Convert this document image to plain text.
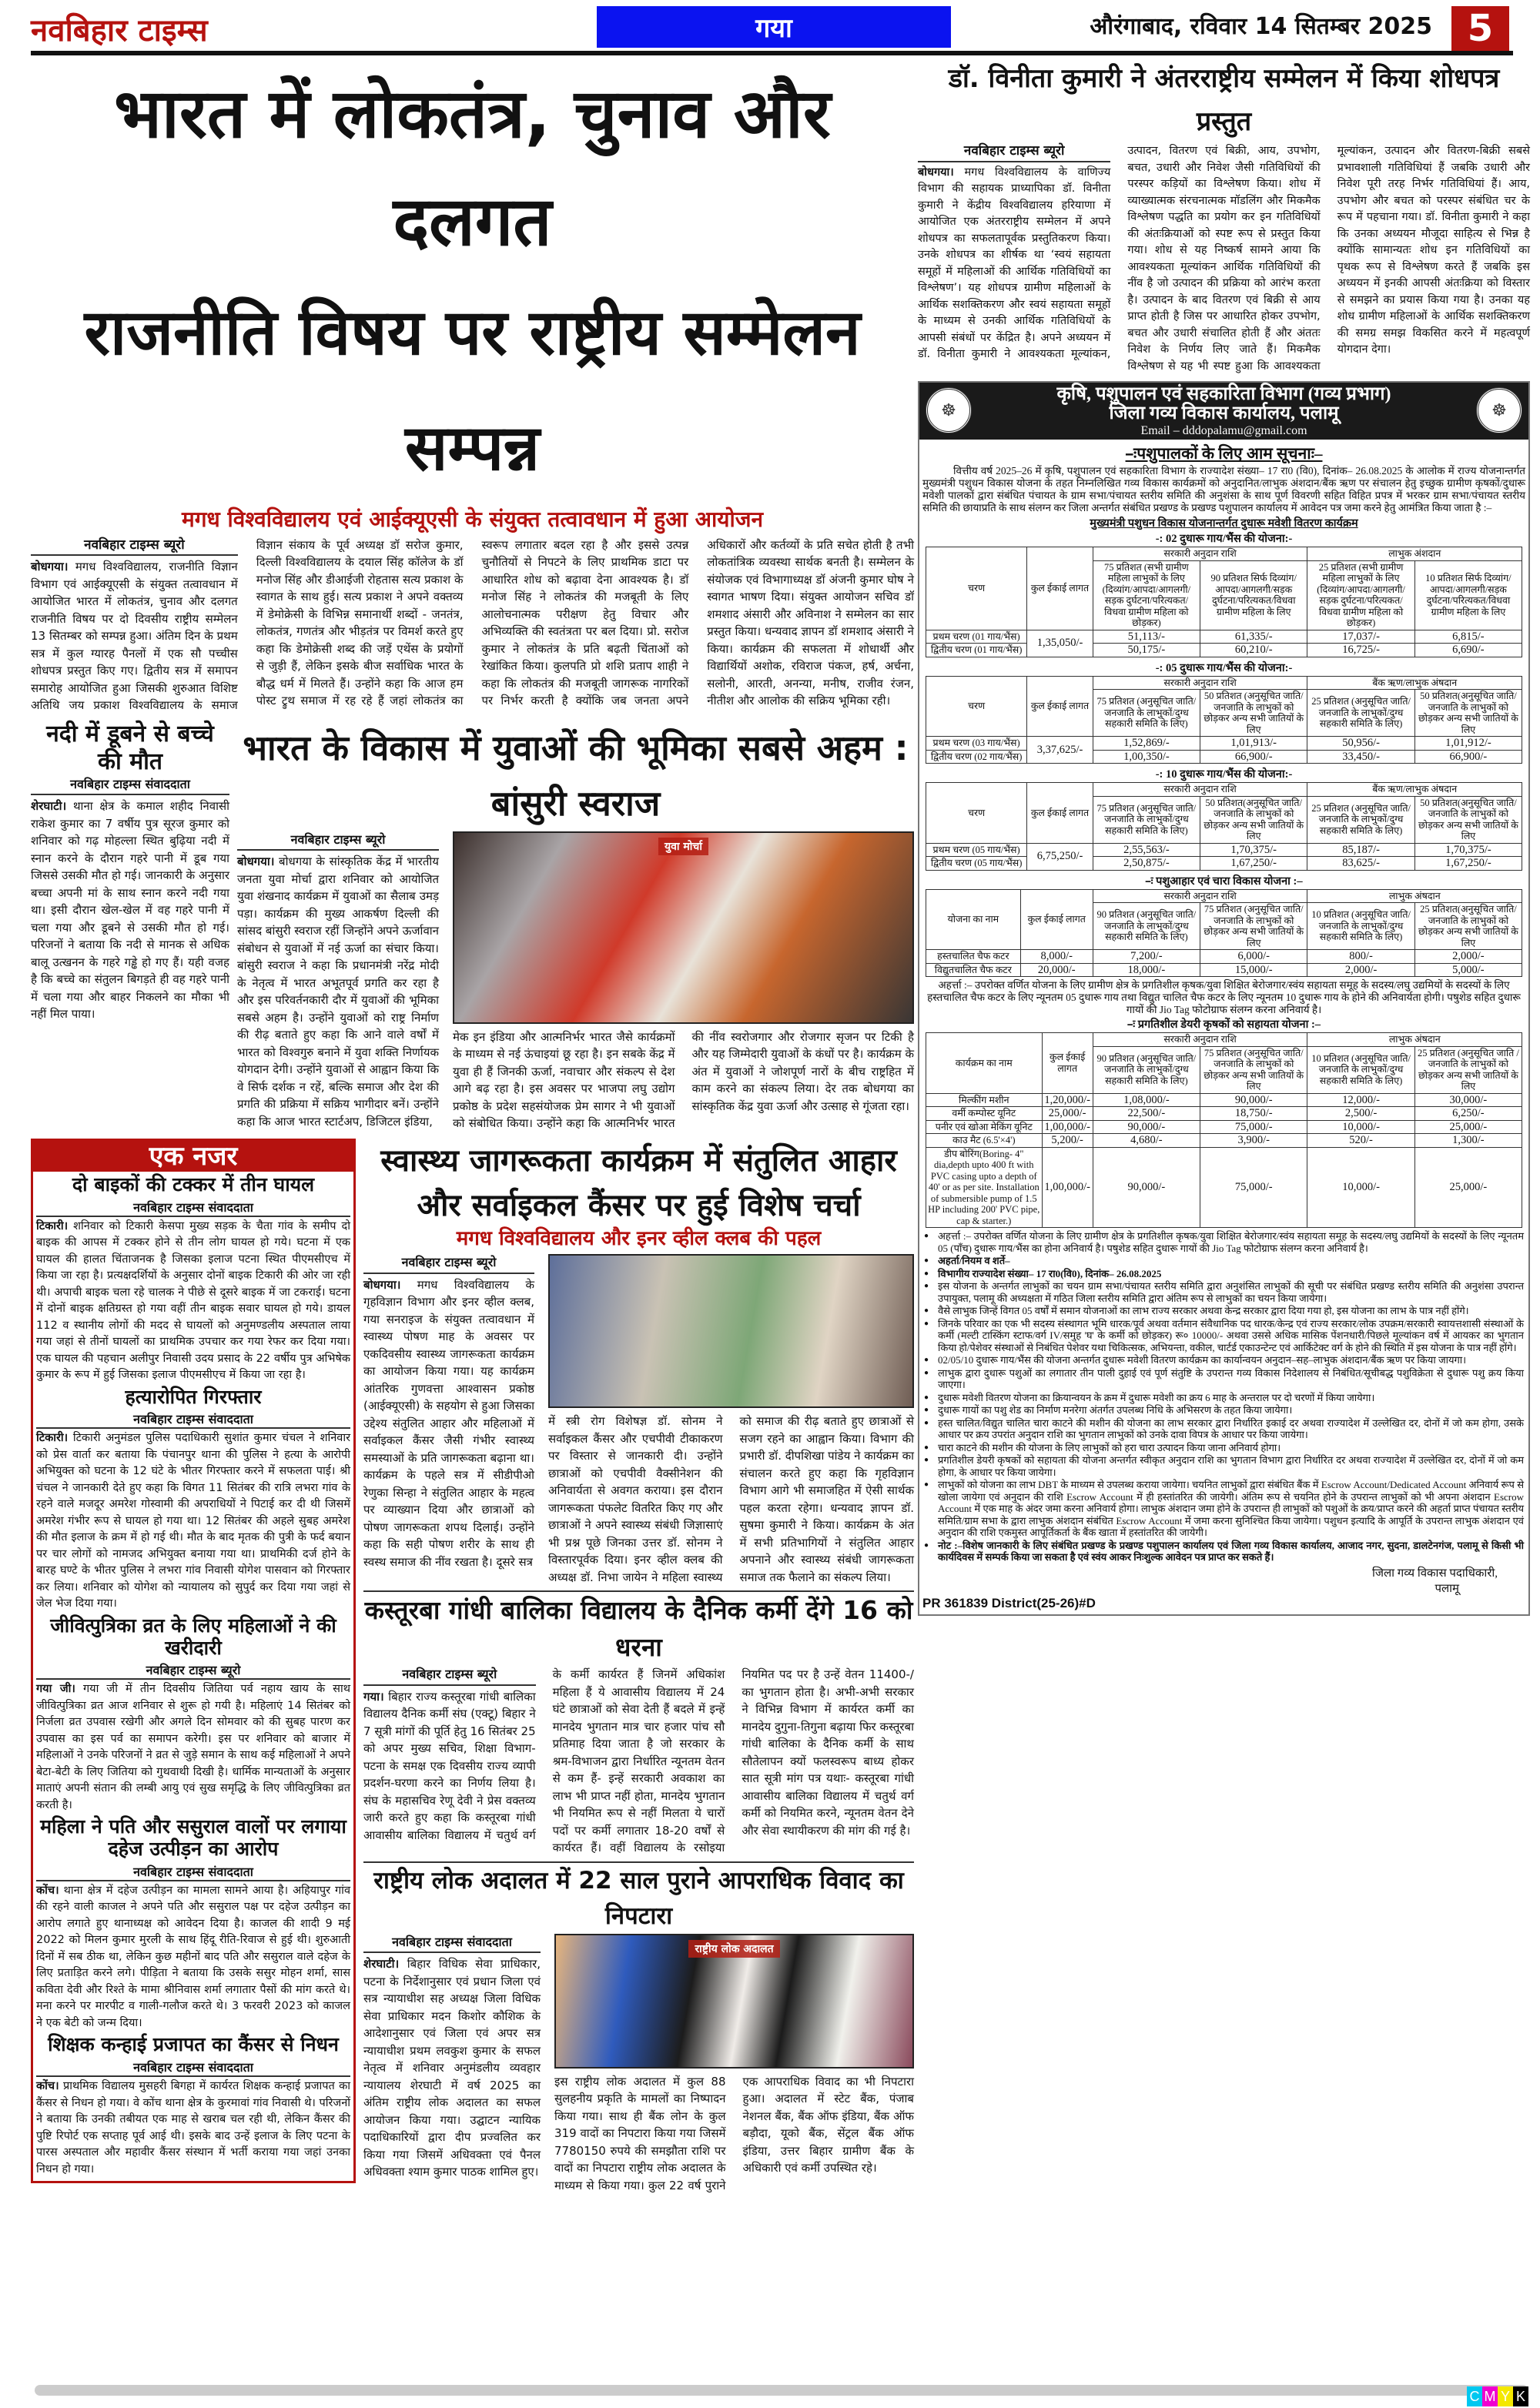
नवबिहार टाइम्स	गया	औरंगाबाद, रविवार 14 सितम्बर 2025 5
भारत में लोकतंत्र, चुनाव और दलगत
राजनीति विषय पर राष्ट्रीय सम्मेलन सम्पन्न
मगध विश्वविद्यालय एवं आईक्यूएसी के संयुक्त तत्वावधान में हुआ आयोजन
नवबिहार टाइम्स ब्यूरो
बोधगया। मगध विश्वविद्यालय, राजनीति विज्ञान विभाग एवं आईक्यूएसी के संयुक्त तत्वावधान में आयोजित भारत में लोकतंत्र, चुनाव और दलगत राजनीति विषय पर दो दिवसीय राष्ट्रीय सम्मेलन 13 सितम्बर को सम्पन्न हुआ। अंतिम दिन के प्रथम सत्र में कुल ग्यारह पैनलों में एक सौ पच्चीस शोधपत्र प्रस्तुत किए गए। द्वितीय सत्र में समापन समारोह आयोजित हुआ जिसकी शुरुआत विशिष्ट अतिथि जय प्रकाश विश्वविद्यालय के समाज विज्ञान संकाय के पूर्व अध्यक्ष डॉ सरोज कुमार, दिल्ली विश्वविद्यालय के दयाल सिंह कॉलेज के डॉ मनोज सिंह और डीआईजी रोहतास सत्य प्रकाश के स्वागत के साथ हुई। सत्य प्रकाश ने अपने वक्तव्य में डेमोक्रेसी के विभिन्न समानार्थी शब्दों - जनतंत्र, लोकतंत्र, गणतंत्र और भीड़तंत्र पर विमर्श करते हुए कहा कि डेमोक्रेसी शब्द की जड़ें एथेंस के प्रयोगों से जुड़ी हैं, लेकिन इसके बीज सर्वाधिक भारत के बौद्ध धर्म में मिलते हैं। उन्होंने कहा कि आज हम पोस्ट ट्रुथ समाज में रह रहे हैं जहां लोकतंत्र का स्वरूप लगातार बदल रहा है और इससे उत्पन्न चुनौतियों से निपटने के लिए प्राथमिक डाटा पर आधारित शोध को बढ़ावा देना आवश्यक है। डॉ मनोज सिंह ने लोकतंत्र की मजबूती के लिए आलोचनात्मक परीक्षण हेतु विचार और अभिव्यक्ति की स्वतंत्रता पर बल दिया। प्रो. सरोज कुमार ने लोकतंत्र के प्रति बढ़ती चिंताओं को रेखांकित किया। कुलपति प्रो शशि प्रताप शाही ने कहा कि लोकतंत्र की मजबूती जागरूक नागरिकों पर निर्भर करती है क्योंकि जब जनता अपने अधिकारों और कर्तव्यों के प्रति सचेत होती है तभी लोकतांत्रिक व्यवस्था सार्थक बनती है। सम्मेलन के संयोजक एवं विभागाध्यक्ष डॉ अंजनी कुमार घोष ने स्वागत भाषण दिया। संयुक्त आयोजन सचिव डॉ शमशाद अंसारी और अविनाश ने सम्मेलन का सार प्रस्तुत किया। धन्यवाद ज्ञापन डॉ शमशाद अंसारी ने किया। कार्यक्रम की सफलता में शोधार्थी और विद्यार्थियों अशोक, रविराज पंकज, हर्ष, अर्चना, सलोनी, आरती, अनन्या, मनीष, राजीव रंजन, नीतीश और आलोक की सक्रिय भूमिका रही।
नदी में डूबने से बच्चे की मौत
नवबिहार टाइम्स संवाददाता
शेरघाटी। थाना क्षेत्र के कमाल शहीद निवासी राकेश कुमार का 7 वर्षीय पुत्र सूरज कुमार को शनिवार को गढ़ मोहल्ला स्थित बुढ़िया नदी में स्नान करने के दौरान गहरे पानी में डूब गया जिससे उसकी मौत हो गई। जानकारी के अनुसार बच्चा अपनी मां के साथ स्नान करने नदी गया था। इसी दौरान खेल-खेल में वह गहरे पानी में चला गया और डूबने से उसकी मौत हो गई। परिजनों ने बताया कि नदी से मानक से अधिक बालू उत्खनन के गहरे गड्ढे हो गए हैं। यही वजह है कि बच्चे का संतुलन बिगड़ते ही वह गहरे पानी में चला गया और बाहर निकलने का मौका भी नहीं मिल पाया।
भारत के विकास में युवाओं की भूमिका सबसे अहम : बांसुरी स्वराज
नवबिहार टाइम्स ब्यूरो
बोधगया। बोधगया के सांस्कृतिक केंद्र में भारतीय जनता युवा मोर्चा द्वारा शनिवार को आयोजित युवा शंखनाद कार्यक्रम में युवाओं का सैलाब उमड़ पड़ा। कार्यक्रम की मुख्य आकर्षण दिल्ली की सांसद बांसुरी स्वराज रहीं जिन्होंने अपने ऊर्जावान संबोधन से युवाओं में नई ऊर्जा का संचार किया। बांसुरी स्वराज ने कहा कि प्रधानमंत्री नरेंद्र मोदी के नेतृत्व में भारत अभूतपूर्व प्रगति कर रहा है और इस परिवर्तनकारी दौर में युवाओं की भूमिका सबसे अहम है। उन्होंने युवाओं को राष्ट्र निर्माण की रीढ़ बताते हुए कहा कि आने वाले वर्षों में भारत को विश्वगुरु बनाने में युवा शक्ति निर्णायक योगदान देगी। उन्होंने युवाओं से आह्वान किया कि वे सिर्फ दर्शक न रहें, बल्कि समाज और देश की प्रगति की प्रक्रिया में सक्रिय भागीदार बनें। उन्होंने कहा कि आज भारत स्टार्टअप, डिजिटल इंडिया,
युवा मोर्चा
मेक इन इंडिया और आत्मनिर्भर भारत जैसे कार्यक्रमों के माध्यम से नई ऊंचाइयां छू रहा है। इन सबके केंद्र में युवा ही हैं जिनकी ऊर्जा, नवाचार और संकल्प से देश आगे बढ़ रहा है। इस अवसर पर भाजपा लघु उद्योग प्रकोष्ठ के प्रदेश सहसंयोजक प्रेम सागर ने भी युवाओं को संबोधित किया। उन्होंने कहा कि आत्मनिर्भर भारत की नींव स्वरोजगार और रोजगार सृजन पर टिकी है और यह जिम्मेदारी युवाओं के कंधों पर है। कार्यक्रम के अंत में युवाओं ने जोशपूर्ण नारों के बीच राष्ट्रहित में काम करने का संकल्प लिया। देर तक बोधगया का सांस्कृतिक केंद्र युवा ऊर्जा और उत्साह से गूंजता रहा।
एक नजर
दो बाइकों की टक्कर में तीन घायल
नवबिहार टाइम्स संवाददाता
टिकारी। शनिवार को टिकारी केसपा मुख्य सड़क के चैता गांव के समीप दो बाइक की आपस में टक्कर होने से तीन लोग घायल हो गये। घटना में एक घायल की हालत चिंताजनक है जिसका इलाज पटना स्थित पीएमसीएच में किया जा रहा है। प्रत्यक्षदर्शियों के अनुसार दोनों बाइक टिकारी की ओर जा रही थी। अपाची बाइक चला रहे चालक ने पीछे से दूसरे बाइक में जा टकराई। घटना में दोनों बाइक क्षतिग्रस्त हो गया वहीं तीन बाइक सवार घायल हो गये। डायल 112 व स्थानीय लोगों की मदद से घायलों को अनुमण्डलीय अस्पताल लाया गया जहां से तीनों घायलों का प्राथमिक उपचार कर गया रेफर कर दिया गया। एक घायल की पहचान अलीपुर निवासी उदय प्रसाद के 22 वर्षीय पुत्र अभिषेक कुमार के रूप में हुई जिसका इलाज पीएमसीएच में किया जा रहा है।
हत्यारोपित गिरफ्तार
नवबिहार टाइम्स संवाददाता
टिकारी। टिकारी अनुमंडल पुलिस पदाधिकारी सुशांत कुमार चंचल ने शनिवार को प्रेस वार्ता कर बताया कि पंचानपुर थाना की पुलिस ने हत्या के आरोपी अभियुक्त को घटना के 12 घंटे के भीतर गिरफ्तार करने में सफलता पाई। श्री चंचल ने जानकारी देते हुए कहा कि विगत 11 सितंबर की रात्रि लभरा गांव के रहने वाले मजदूर अमरेश गोस्वामी की अपराधियों ने पिटाई कर दी थी जिसमें अमरेश गंभीर रूप से घायल हो गया था। 12 सितंबर की अहले सुबह अमरेश की मौत इलाज के क्रम में हो गई थी। मौत के बाद मृतक की पुत्री के फर्द बयान पर चार लोगों को नामजद अभियुक्त बनाया गया था। प्राथमिकी दर्ज होने के बारह घण्टे के भीतर पुलिस ने लभरा गांव निवासी योगेश पासवान को गिरफ्तार कर लिया। शनिवार को योगेश को न्यायालय को सुपुर्द कर दिया गया जहां से जेल भेज दिया गया।
जीवित्पुत्रिका व्रत के लिए महिलाओं ने की खरीदारी
नवबिहार टाइम्स ब्यूरो
गया जी। गया जी में तीन दिवसीय जितिया पर्व नहाय खाय के साथ जीवित्पुत्रिका व्रत आज शनिवार से शुरू हो गयी है। महिलाएं 14 सितंबर को निर्जला व्रत उपवास रखेगी और अगले दिन सोमवार को की सुबह पारण कर उपवास का इस पर्व का समापन करेगी। इस पर शनिवार को बाजार में महिलाओं ने उनके परिजनों ने व्रत से जुड़े समान के साथ कई महिलाओं ने अपने बेटा-बेटी के लिए जितिया को गुथवाथी दिखी है। धार्मिक मान्यताओं के अनुसार माताएं अपनी संतान की लम्बी आयु एवं सुख समृद्धि के लिए जीवित्पुत्रिका व्रत करती है।
महिला ने पति और ससुराल वालों पर लगाया दहेज उत्पीड़न का आरोप
नवबिहार टाइम्स संवाददाता
कोंच। थाना क्षेत्र में दहेज उत्पीड़न का मामला सामने आया है। अहियापुर गांव की रहने वाली काजल ने अपने पति और ससुराल पक्ष पर दहेज उत्पीड़न का आरोप लगाते हुए थानाध्यक्ष को आवेदन दिया है। काजल की शादी 9 मई 2022 को मिलन कुमार मुरली के साथ हिंदू रीति-रिवाज से हुई थी। शुरुआती दिनों में सब ठीक था, लेकिन कुछ महीनों बाद पति और ससुराल वाले दहेज के लिए प्रताड़ित करने लगे। पीड़िता ने बताया कि उसके ससुर मोहन शर्मा, सास कविता देवी और रिश्ते के मामा श्रीनिवास शर्मा लगातार पैसों की मांग करते थे। मना करने पर मारपीट व गाली-गलौज करते थे। 3 फरवरी 2023 को काजल ने एक बेटी को जन्म दिया।
शिक्षक कन्हाई प्रजापत का कैंसर से निधन
नवबिहार टाइम्स संवाददाता
कोंच। प्राथमिक विद्यालय मुसहरी बिगहा में कार्यरत शिक्षक कन्हाई प्रजापत का कैंसर से निधन हो गया। वे कोंच थाना क्षेत्र के कुरमावां गांव निवासी थे। परिजनों ने बताया कि उनकी तबीयत एक माह से खराब चल रही थी, लेकिन कैंसर की पुष्टि रिपोर्ट एक सप्ताह पूर्व आई थी। इसके बाद उन्हें इलाज के लिए पटना के पारस अस्पताल और महावीर कैंसर संस्थान में भर्ती कराया गया जहां उनका निधन हो गया।
स्वास्थ्य जागरूकता कार्यक्रम में संतुलित आहार
और सर्वाइकल कैंसर पर हुई विशेष चर्चा
मगध विश्वविद्यालय और इनर व्हील क्लब की पहल
नवबिहार टाइम्स ब्यूरो
बोधगया। मगध विश्वविद्यालय के गृहविज्ञान विभाग और इनर व्हील क्लब, गया सनराइज के संयुक्त तत्वावधान में स्वास्थ्य पोषण माह के अवसर पर एकदिवसीय स्वास्थ्य जागरूकता कार्यक्रम का आयोजन किया गया। यह कार्यक्रम आंतरिक गुणवत्ता आश्वासन प्रकोष्ठ (आईक्यूएसी) के सहयोग से हुआ जिसका उद्देश्य संतुलित आहार और महिलाओं में सर्वाइकल कैंसर जैसी गंभीर स्वास्थ्य समस्याओं के प्रति जागरूकता बढ़ाना था। कार्यक्रम के पहले सत्र में सीडीपीओ रेणुका सिन्हा ने संतुलित आहार के महत्व पर व्याख्यान दिया और छात्राओं को पोषण जागरूकता शपथ दिलाई। उन्होंने कहा कि सही पोषण शरीर के साथ ही स्वस्थ समाज की नींव रखता है। दूसरे सत्र
में स्त्री रोग विशेषज्ञ डॉ. सोनम ने सर्वाइकल कैंसर और एचपीवी टीकाकरण पर विस्तार से जानकारी दी। उन्होंने छात्राओं को एचपीवी वैक्सीनेशन की अनिवार्यता से अवगत कराया। इस दौरान जागरूकता पंफलेट वितरित किए गए और छात्राओं ने अपने स्वास्थ्य संबंधी जिज्ञासाएं भी प्रश्न पूछे जिनका उत्तर डॉ. सोनम ने विस्तारपूर्वक दिया। इनर व्हील क्लब की अध्यक्ष डॉ. निभा जायेन ने महिला स्वास्थ्य को समाज की रीढ़ बताते हुए छात्राओं से सजग रहने का आह्वान किया। विभाग की प्रभारी डॉ. दीपशिखा पांडेय ने कार्यक्रम का संचालन करते हुए कहा कि गृहविज्ञान विभाग आगे भी समाजहित में ऐसी सार्थक पहल करता रहेगा। धन्यवाद ज्ञापन डॉ. सुषमा कुमारी ने किया। कार्यक्रम के अंत में सभी प्रतिभागियों ने संतुलित आहार अपनाने और स्वास्थ्य संबंधी जागरूकता समाज तक फैलाने का संकल्प लिया।
कस्तूरबा गांधी बालिका विद्यालय के दैनिक कर्मी देंगे 16 को धरना
नवबिहार टाइम्स ब्यूरो
गया। बिहार राज्य कस्तूरबा गांधी बालिका विद्यालय दैनिक कर्मी संघ (एक्टू) बिहार ने 7 सूत्री मांगों की पूर्ति हेतु 16 सितंबर 25 को अपर मुख्य सचिव, शिक्षा विभाग-पटना के समक्ष एक दिवसीय राज्य व्यापी प्रदर्शन-घरणा करने का निर्णय लिया है। संघ के महासचिव रेणू देवी ने प्रेस वक्तव्य जारी करते हुए कहा कि कस्तूरबा गांधी आवासीय बालिका विद्यालय में चतुर्थ वर्ग के कर्मी कार्यरत हैं जिनमें अधिकांश महिला हैं ये आवासीय विद्यालय में 24 घंटे छात्राओं को सेवा देती हैं बदले में इन्हें मानदेय भुगतान मात्र चार हजार पांच सौ प्रतिमाह दिया जाता है जो सरकार के श्रम-विभाजन द्वारा निर्धारित न्यूनतम वेतन से कम हैं- इन्हें सरकारी अवकाश का लाभ भी प्राप्त नहीं होता, मानदेय भुगतान भी नियमित रूप से नहीं मिलता ये चारों पदों पर कर्मी लगातार 18-20 वर्षों से कार्यरत हैं। वहीं विद्यालय के रसोइया नियमित पद पर है उन्हें वेतन 11400-/का भुगतान होता है। अभी-अभी सरकार ने विभिन्न विभाग में कार्यरत कर्मी का मानदेय दुगुना-तिगुना बढ़ाया फिर कस्तूरबा गांधी बालिका के दैनिक कर्मी के साथ सौतेलापन क्यों फलस्वरूप बाध्य होकर सात सूत्री मांग पत्र यथाः- कस्तूरबा गांधी आवासीय बालिका विद्यालय में चतुर्थ वर्ग कर्मी को नियमित करने, न्यूनतम वेतन देने और सेवा स्थायीकरण की मांग की गई है।
राष्ट्रीय लोक अदालत में 22 साल पुराने आपराधिक विवाद का निपटारा
नवबिहार टाइम्स संवाददाता
शेरघाटी। बिहार विधिक सेवा प्राधिकार, पटना के निर्देशानुसार एवं प्रधान जिला एवं सत्र न्यायाधीश सह अध्यक्ष जिला विधिक सेवा प्राधिकार मदन किशोर कौशिक के आदेशानुसार एवं जिला एवं अपर सत्र न्यायाधीश प्रथम लवकुश कुमार के सफल नेतृत्व में शनिवार अनुमंडलीय व्यवहार न्यायालय शेरघाटी में वर्ष 2025 का अंतिम राष्ट्रीय लोक अदालत का सफल आयोजन किया गया। उद्घाटन न्यायिक पदाधिकारियों द्वारा दीप प्रज्वलित कर किया गया जिसमें अधिवक्ता एवं पैनल अधिवक्ता श्याम कुमार पाठक शामिल हुए।
राष्ट्रीय लोक अदालत
इस राष्ट्रीय लोक अदालत में कुल 88 सुलहनीय प्रकृति के मामलों का निष्पादन किया गया। साथ ही बैंक लोन के कुल 319 वादों का निपटारा किया गया जिसमें 7780150 रुपये की समझौता राशि पर वादों का निपटारा राष्ट्रीय लोक अदालत के माध्यम से किया गया। कुल 22 वर्ष पुराने एक आपराधिक विवाद का भी निपटारा हुआ। अदालत में स्टेट बैंक, पंजाब नेशनल बैंक, बैंक ऑफ इंडिया, बैंक ऑफ बड़ौदा, यूको बैंक, सेंट्रल बैंक ऑफ इंडिया, उत्तर बिहार ग्रामीण बैंक के अधिकारी एवं कर्मी उपस्थित रहे।
डॉ. विनीता कुमारी ने अंतरराष्ट्रीय सम्मेलन में किया शोधपत्र प्रस्तुत
नवबिहार टाइम्स ब्यूरो
बोधगया। मगध विश्वविद्यालय के वाणिज्य विभाग की सहायक प्राध्यापिका डॉ. विनीता कुमारी ने केंद्रीय विश्वविद्यालय हरियाणा में आयोजित एक अंतरराष्ट्रीय सम्मेलन में अपने शोधपत्र का सफलतापूर्वक प्रस्तुतिकरण किया। उनके शोधपत्र का शीर्षक था ‘स्वयं सहायता समूहों में महिलाओं की आर्थिक गतिविधियों का विश्लेषण’। यह शोधपत्र ग्रामीण महिलाओं के आर्थिक सशक्तिकरण और स्वयं सहायता समूहों के माध्यम से उनकी आर्थिक गतिविधियों के आपसी संबंधों पर केंद्रित है। अपने अध्ययन में डॉ. विनीता कुमारी ने आवश्यकता मूल्यांकन, उत्पादन, वितरण एवं बिक्री, आय, उपभोग, बचत, उधारी और निवेश जैसी गतिविधियों की परस्पर कड़ियों का विश्लेषण किया। शोध में व्याख्यात्मक संरचनात्मक मॉडलिंग और मिकमैक विश्लेषण पद्धति का प्रयोग कर इन गतिविधियों की अंतःक्रियाओं को स्पष्ट रूप से प्रस्तुत किया गया। शोध से यह निष्कर्ष सामने आया कि आवश्यकता मूल्यांकन आर्थिक गतिविधियों की नींव है जो उत्पादन की प्रक्रिया को आरंभ करता है। उत्पादन के बाद वितरण एवं बिक्री से आय प्राप्त होती है जिस पर आधारित होकर उपभोग, बचत और उधारी संचालित होती हैं और अंततः निवेश के निर्णय लिए जाते हैं। मिकमैक विश्लेषण से यह भी स्पष्ट हुआ कि आवश्यकता मूल्यांकन, उत्पादन और वितरण-बिक्री सबसे प्रभावशाली गतिविधियां हैं जबकि उधारी और निवेश पूरी तरह निर्भर गतिविधियां हैं। आय, उपभोग और बचत को परस्पर संबंधित चर के रूप में पहचाना गया। डॉ. विनीता कुमारी ने कहा कि उनका अध्ययन मौजूदा साहित्य से भिन्न है क्योंकि सामान्यतः शोध इन गतिविधियों का पृथक रूप से विश्लेषण करते हैं जबकि इस अध्ययन में इनकी आपसी अंतःक्रिया को विस्तार से समझने का प्रयास किया गया है। उनका यह शोध ग्रामीण महिलाओं के आर्थिक सशक्तिकरण की समग्र समझ विकसित करने में महत्वपूर्ण योगदान देगा।
☸	☸
कृषि, पशुपालन एवं सहकारिता विभाग (गव्य प्रभाग)
जिला गव्य विकास कार्यालय, पलामू
Email – dddopalamu@gmail.com
–ःपशुपालकों के लिए आम सूचनाः–

वित्तीय वर्ष 2025–26 में कृषि, पशुपालन एवं सहकारिता विभाग के राज्यादेश संख्या– 17 रा0 (वि0), दिनांक– 26.08.2025 के आलोक में राज्य योजनान्तर्गत मुख्यमंत्री पशुधन विकास योजना के तहत निम्नलिखित गव्य विकास कार्यक्रमों को अनुदानित/लाभुक अंशदान/बैंक ऋण पर संचालन हेतु इच्छुक ग्रामीण कृषकों/दुधारू मवेशी पालकों द्वारा संबंधित पंचायत के ग्राम सभा/पंचायत स्तरीय समिति की अनुशंसा के साथ पूर्ण विवरणी सहित विहित प्रपत्र में भरकर ग्राम सभा/पंचायत स्तरीय समिति की छायाप्रति के साथ संलग्न कर जिला अन्तर्गत संबंधित प्रखण्ड के प्रखण्ड पशुपालन कार्यालय में आवेदन पत्र जमा करने हेतु आमंत्रित किया जाता है :–

मुख्यमंत्री पशुधन विकास योजनान्तर्गत दुधारू मवेशी वितरण कार्यक्रम
-: 02 दुधारू गाय/भैंस की योजना:-
चरण	कुल ईकाई लागत	सरकारी अनुदान राशि		लाभुक अंशदान	
		75 प्रतिशत (सभी ग्रामीण महिला लाभुकों के लिए (दिव्यांग/आपदा/आगलगी/सड़क दुर्घटना/परित्यकत/विधवा ग्रामीण महिला को छोड़कर)	90 प्रतिशत सिर्फ दिव्यांग/आपदा/आगलगी/सड़क दुर्घटना/परित्यकत/विधवा ग्रामीण महिला के लिए	25 प्रतिशत (सभी ग्रामीण महिला लाभुकों के लिए (दिव्यांग/आपदा/आगलगी/सड़क दुर्घटना/परित्यकत/विधवा ग्रामीण महिला को छोड़कर)	10 प्रतिशत सिर्फ दिव्यांग/आपदा/आगलगी/सड़क दुर्घटना/परित्यकत/विधवा ग्रामीण महिला के लिए
प्रथम चरण (01 गाय/भैंस)	1,35,050/-	51,113/-	61,335/-	17,037/-	6,815/-
द्वितीय चरण (01 गाय/भैंस)		50,175/-	60,210/-	16,725/-	6,690/-
-: 05 दुधारू गाय/भैंस की योजना:-
चरण	कुल ईकाई लागत	सरकारी अनुदान राशि		बैंक ऋण/लाभुक अंषदान	
		75 प्रतिशत (अनुसूचित जाति/जनजाति के लाभुकों/दुग्ध सहकारी समिति के लिए)	50 प्रतिशत (अनुसूचित जाति/जनजाति के लाभुकों को छोड़कर अन्य सभी जातियों के लिए	25 प्रतिशत (अनुसूचित जाति/जनजाति के लाभुकों/दुग्ध सहकारी समिति के लिए)	50 प्रतिशत(अनुसूचित जाति/जनजाति के लाभुकों को छोड़कर अन्य सभी जातियों के लिए
प्रथम चरण (03 गाय/भैंस)	3,37,625/-	1,52,869/-	1,01,913/-	50,956/-	1,01,912/-
द्वितीय चरण (02 गाय/भैंस)		1,00,350/-	66,900/-	33,450/-	66,900/-
-: 10 दुधारू गाय/भैंस की योजना:-
चरण	कुल ईकाई लागत	सरकारी अनुदान राशि		बैंक ऋण/लाभुक अंषदान	
		75 प्रतिशत (अनुसूचित जाति/जनजाति के लाभुकों/दुग्ध सहकारी समिति के लिए)	50 प्रतिशत(अनुसूचित जाति/जनजाति के लाभुकों को छोड़कर अन्य सभी जातियों के लिए	25 प्रतिशत (अनुसूचित जाति/जनजाति के लाभुकों/दुग्ध सहकारी समिति के लिए)	50 प्रतिशत(अनुसूचित जाति/जनजाति के लाभुकों को छोड़कर अन्य सभी जातियों के लिए
प्रथम चरण (05 गाय/भैंस)	6,75,250/-	2,55,563/-	1,70,375/-	85,187/-	1,70,375/-
द्वितीय चरण (05 गाय/भैंस)		2,50,875/-	1,67,250/-	83,625/-	1,67,250/-
–ः पशुआहार एवं चारा विकास योजना :–
योजना का नाम	कुल ईकाई लागत	सरकारी अनुदान राशि		लाभुक अंषदान	
		90 प्रतिशत (अनुसूचित जाति/जनजाति के लाभुकों/दुग्ध सहकारी समिति के लिए)	75 प्रतिशत (अनुसूचित जाति/जनजाति के लाभुकों को छोड़कर अन्य सभी जातियों के लिए	10 प्रतिशत (अनुसूचित जाति/जनजाति के लाभुकों/दुग्ध सहकारी समिति के लिए)	25 प्रतिशत(अनुसूचित जाति/जनजाति के लाभुकों को छोड़कर अन्य सभी जातियों के लिए
हस्तचालित चैफ कटर	8,000/-	7,200/-	6,000/-	800/-	2,000/-
विद्युतचालित चैफ कटर	20,000/-	18,000/-	15,000/-	2,000/-	5,000/-

अहर्त्ता :– उपरोक्त वर्णित योजना के लिए ग्रामीण क्षेत्र के प्रगतिशील कृषक/युवा शिक्षित बेरोजगार/स्वंय सहायता समूह के सदस्य/लघु उद्यमियों के सदस्यों के लिए हस्तचालित चैफ कटर के लिए न्यूनतम 05 दुधारू गाय तथा विद्युत चालित चैफ कटर के लिए न्यूनतम 10 दुधारू गाय के होने की अनिवार्यता होगी। पषुशेड सहित दुधारू गायों की Jio Tag फोटोग्राफ संलग्न करना अनिवार्य है।

–ः प्रगतिशील डेयरी कृषकों को सहायता योजना :–
कार्यक्रम का नाम	कुल ईकाई लागत	सरकारी अनुदान राशि		लाभुक अंषदान	
		90 प्रतिशत (अनुसूचित जाति/ जनजाति के लाभुकों/दुग्ध सहकारी समिति के लिए)	75 प्रतिशत (अनुसूचित जाति/ जनजाति के लाभुकों को छोड़कर अन्य सभी जातियों के लिए	10 प्रतिशत (अनुसूचित जाति/ जनजाति के लाभुकों/दुग्ध सहकारी समिति के लिए)	25 प्रतिशत (अनुसूचित जाति / जनजाति के लाभुकों को छोड़कर अन्य सभी जातियों के लिए
मिल्कींग मशीन	1,20,000/-	1,08,000/-	90,000/-	12,000/-	30,000/-
वर्मी कम्पोस्ट यूनिट	25,000/-	22,500/-	18,750/-	2,500/-	6,250/-
पनीर एवं खोआ मेकिंग यूनिट	1,00,000/-	90,000/-	75,000/-	10,000/-	25,000/-
काउ मैट (6.5'×4')	5,200/-	4,680/-	3,900/-	520/-	1,300/-
डीप बोरिंग(Boring- 4" dia,depth upto 400 ft with PVC casing upto a depth of 40' or as per site. Installation of submersible pump of 1.5 HP including 200' PVC pipe, cap & starter.)	1,00,000/-	90,000/-	75,000/-	10,000/-	25,000/-
● अहर्त्ता :– उपरोक्त वर्णित योजना के लिए ग्रामीण क्षेत्र के प्रगतिशील कृषक/युवा शिक्षित बेरोजगार/स्वंय सहायता समूह के सदस्य/लघु उद्यमियों के सदस्यों के लिए न्यूनतम 05 (पाँच) दुधारू गाय/भैंस का होना अनिवार्य है। पषुशेड सहित दुधारू गायों की Jio Tag फोटोग्राफ संलग्न करना अनिवार्य है।
● अहर्ता/नियम व शर्ते–
● विभागीय राज्यादेश संख्या– 17 रा0(वि0), दिनांक– 26.08.2025
● इस योजना के अन्तर्गत लाभुकों का चयन ग्राम सभा/पंचायत स्तरीय समिति द्वारा अनुशंसित लाभुकों की सूची पर संबंधित प्रखण्ड स्तरीय समिति की अनुशंसा उपरान्त उपायुक्त, पलामू की अध्यक्षता में गठित जिला स्तरीय समिति द्वारा अंतिम रूप से लाभुकों का चयन किया जायेगा।
● वैसे लाभुक जिन्हें विगत 05 वर्षों में समान योजनाओं का लाभ राज्य सरकार अथवा केन्द्र सरकार द्वारा दिया गया हो, इस योजना का लाभ के पात्र नहीं होंगे।
● जिनके परिवार का एक भी सदस्य संस्थागत भूमि धारक/पूर्व अथवा वर्तमान संवैधानिक पद धारक/केन्द्र एवं राज्य सरकार/लोक उपक्रम/सरकारी स्वायत्तशासी संस्थाओं के कर्मी (मल्टी टास्किंग स्टाफ/वर्ग IV/समुह 'घ' के कर्मी को छोड़कर) रू० 10000/- अथवा उससे अधिक मासिक पेंशनधारी/पिछले मूल्यांकन वर्ष में आयकर का भुगतान किया हो/पेशेवर संस्थाओं से निबंधित पेशेवर यथा चिकित्सक, अभियन्ता, वकील, चार्टर्ड एकाउन्टेन्ट एवं आर्किटेक्ट वर्ग के होने की स्थिति में इस योजना के पात्र नहीं होंगे।
● 02/05/10 दुधारू गाय/भैंस की योजना अन्तर्गत दुधारू मवेशी वितरण कार्यक्रम का कार्यान्वयन अनुदान–सह–लाभुक अंशदान/बैंक ऋण पर किया जायगा।
● लाभुक द्वारा दुधारू पशुओं का लगातार तीन पाली दुहाई एवं पूर्ण संतुष्टि के उपरान्त गव्य विकास निदेशालय से निबंधित/सूचीबद्ध पशुविक्रेता से दुधारू पशु क्रय किया जाएगा।
● दुधारू मवेशी वितरण योजना का क्रियान्वयन के क्रम में दुधारू मवेशी का क्रय 6 माह के अन्तराल पर दो चरणों में किया जायेगा।
● दुधारू गायों का पशु शेड का निर्माण मनरेगा अंतर्गत उपलब्ध निधि के अभिसरण के तहत किया जायेगा।
● हस्त चालित/विद्युत चालित चारा काटने की मशीन की योजना का लाभ सरकार द्वारा निर्धारित इकाई दर अथवा राज्यादेश में उल्लेखित दर, दोनों में जो कम होगा, उसके आधार पर क्रय उपरांत अनुदान राशि का भुगतान लाभुकों को उनके दावा विपत्र के आधार पर किया जायेगा।
● चारा काटने की मशीन की योजना के लिए लाभुकों को हरा चारा उत्पादन किया जाना अनिवार्य होगा।
● प्रगतिशील डेयरी कृषकों को सहायता की योजना अन्तर्गत स्वीकृत अनुदान राशि का भुगतान विभाग द्वारा निर्धारित दर अथवा राज्यादेश में उल्लेखित दर, दोनों में जो कम होगा, के आधार पर किया जायेगा।
● लाभुकों को योजना का लाभ DBT के माध्यम से उपलब्ध कराया जायेगा। चयनित लाभुकों द्वारा संबंधित बैंक में Escrow Account/Dedicated Account अनिवार्य रूप से खोला जायेगा एवं अनुदान की राशि Escrow Account में ही हस्तांतरित की जायेगी। अंतिम रूप से चयनित होने के उपरान्त लाभुकों को भी अपना अंशदान Escrow Account में एक माह के अंदर जमा करना अनिवार्य होगा। लाभुक अंशदान जमा होने के उपरान्त ही लाभुकों को पशुओं के क्रय/प्राप्त करने की अहर्ता प्राप्त पंचायत स्तरीय समिति/ग्राम सभा के द्वारा लाभुक अंशदान संबंधित Escrow Account में जमा करना सुनिश्चित किया जायेगा। पशुधन इत्यादि के आपूर्ति के उपरान्त लाभुक अंशदान एवं अनुदान की राशि एकमुस्त आपूर्तिकर्ता के बैंक खाता में हस्तांतरित की जायेगी।
● नोट :–विशेष जानकारी के लिए संबंधित प्रखण्ड के प्रखण्ड पशुपालन कार्यालय एवं जिला गव्य विकास कार्यालय, आजाद नगर, सुदना, डालटेनगंज, पलामू से किसी भी कार्यदिवस में सम्पर्क किया जा सकता है एवं स्वंय आकर निःशुल्क आवेदन पत्र प्राप्त कर सकते हैं।
जिला गव्य विकास पदाधिकारी,
पलामू
PR 361839 District(25-26)#D
C M Y K
